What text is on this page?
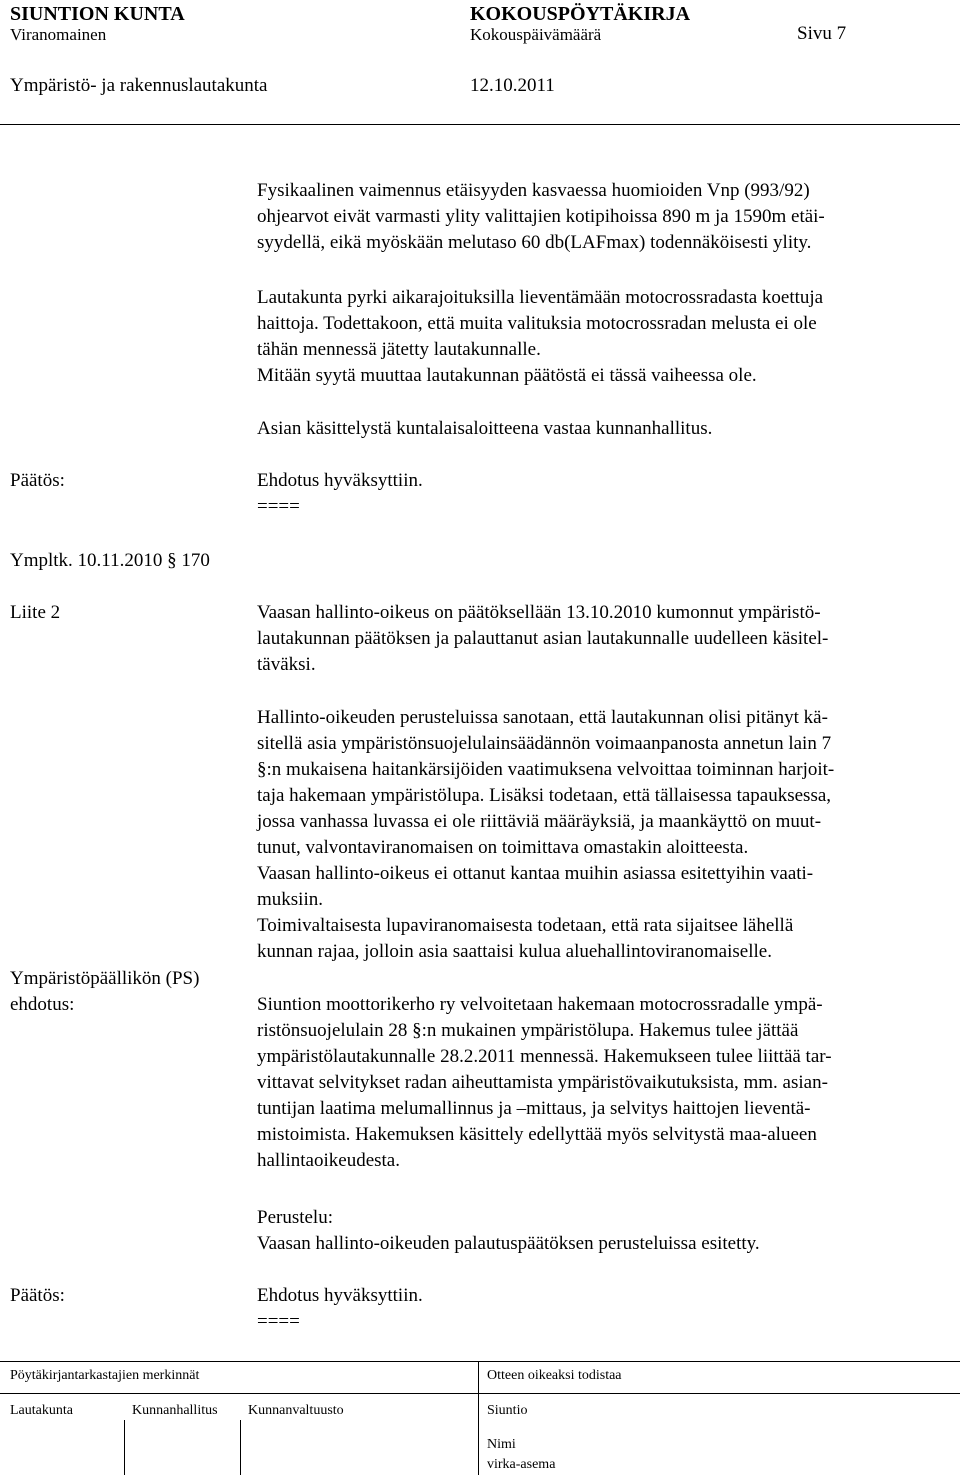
SIUNTION KUNTA	KOKOUSPÖYTÄKIRJA
Viranomainen	Kokouspäivämäärä	Sivu 7
Ympäristö- ja rakennuslautakunta	12.10.2011
Fysikaalinen vaimennus etäisyyden kasvaessa huomioiden Vnp (993/92)
ohjearvot eivät varmasti ylity valittajien kotipihoissa 890 m ja 1590m etäi-
syydellä, eikä myöskään melutaso 60 db(LAFmax) todennäköisesti ylity.
Lautakunta pyrki aikarajoituksilla lieventämään motocrossradasta koettuja
haittoja. Todettakoon, että muita valituksia motocrossradan melusta ei ole
tähän mennessä jätetty lautakunnalle.
Mitään syytä muuttaa lautakunnan päätöstä ei tässä vaiheessa ole.
Asian käsittelystä kuntalaisaloitteena vastaa kunnanhallitus.
Päätös:	Ehdotus hyväksyttiin.
====
Ympltk. 10.11.2010 § 170
Liite 2	Vaasan hallinto-oikeus on päätöksellään 13.10.2010 kumonnut ympäristö-
lautakunnan päätöksen ja palauttanut asian lautakunnalle uudelleen käsitel-
täväksi.
Hallinto-oikeuden perusteluissa sanotaan, että lautakunnan olisi pitänyt kä-
sitellä asia ympäristönsuojelulainsäädännön voimaanpanosta annetun lain 7
§:n mukaisena haitankärsijöiden vaatimuksena velvoittaa toiminnan harjoit-
taja hakemaan ympäristölupa. Lisäksi todetaan, että tällaisessa tapauksessa,
jossa vanhassa luvassa ei ole riittäviä määräyksiä, ja maankäyttö on muut-
tunut, valvontaviranomaisen on toimittava omastakin aloitteesta.
Vaasan hallinto-oikeus ei ottanut kantaa muihin asiassa esitettyihin vaati-
muksiin.
Toimivaltaisesta lupaviranomaisesta todetaan, että rata sijaitsee lähellä
kunnan rajaa, jolloin asia saattaisi kulua aluehallintoviranomaiselle.
Ympäristöpäällikön (PS)
ehdotus:	Siuntion moottorikerho ry velvoitetaan hakemaan motocrossradalle ympä-
ristönsuojelulain 28 §:n mukainen ympäristölupa. Hakemus tulee jättää
ympäristölautakunnalle 28.2.2011 mennessä. Hakemukseen tulee liittää tar-
vittavat selvitykset radan aiheuttamista ympäristövaikutuksista, mm. asian-
tuntijan laatima melumallinnus ja –mittaus, ja selvitys haittojen lieventä-
mistoimista. Hakemuksen käsittely edellyttää myös selvitystä maa-alueen
hallintaoikeudesta.
Perustelu:
Vaasan hallinto-oikeuden palautuspäätöksen perusteluissa esitetty.
Päätös:	Ehdotus hyväksyttiin.
====
Pöytäkirjantarkastajien merkinnät	Otteen oikeaksi todistaa
Lautakunta	Kunnanhallitus Kunnanvaltuusto	Siuntio
Nimi
virka-asema
